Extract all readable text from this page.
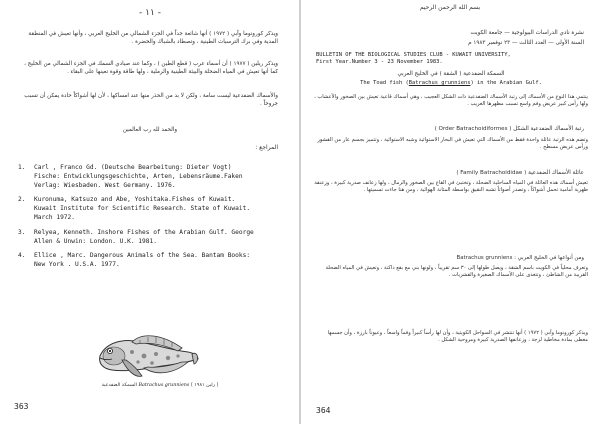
- ١١ -
ويذكر كورونوما وآبي ( ١٩٧٢ ) أنها شائعة جداً في الجزء الشمالي من الخليج العربي ، وأنها تعيش في المنطقة المدية وفي برك الترسبات الطينية ، وتصطاد بالشباك والحضرة .
ويذكر ريلين ( ١٩٧٧ ) أن أسماء عرب ( قطع الطين ) ، وكما عند صيادي السمك في الجزء الشمالي من الخليج ، كما أنها تعيش في المياه الضحلة والبيئة الطينية والرملية ، ولها طاقة وقوة تعينها على البقاء .
والأسماك الضفدعية ليست سامة ، ولكن لا بد من الحذر منها عند امساكها ، لأن لها أشواكاً حادة يمكن أن تسبب جروحاً .
والحمد لله رب العالمين
المراجع :
1. Carl , Franco Gd. (Deutsche Bearbeitung: Dieter Vogt)
Fische: Entwicklungsgeschichte, Arten, Lebensräume.Faken
Verlag: Wiesbaden. West Germany. 1976.
2. Kuronuma, Katsuzo and Abe, Yoshitaka.Fishes of Kuwait.
Kuwait Institute for Scientific Research. State of Kuwait.
March 1972.
3. Relyea, Kenneth. Inshore Fishes of the Arabian Gulf. George
Allen & Unwin: London. U.K. 1981.
4. Ellice , Marc. Dangerous Animals of the Sea. Bantam Books:
New York . U.S.A. 1977.
السمكة الضفدعية Batrachus grunniens ( رلين ١٩٨١ )
363
بسم الله الرحمن الرحيم
نشرة نادي الدراسات البيولوجية — جامعة الكويت
السنة الأولى — العدد الثالث — ٢٣ نوفمبر ١٩٨٣ م
BULLETIN OF THE BIOLOGICAL STUDIES CLUB - KUWAIT UNIVERSITY,
First Year.Number 3 - 23 November 1983.
السمكة الضفدعية ( الشقة ) في الخليج العربي
The Toad fish (Batrachus grunniens) in the Arabian Gulf.
ينتمي هذا النوع من الأسماك إلى رتبة الأسماك الضفدعية ذات الشكل العجيب ، وهي أسماك قاعية تعيش بين الصخور والأعشاب ، ولها رأس كبير عريض وفم واسع تسبب مظهرها الغريب .
رتبة الأسماك الضفدعية الشكل ( Order Batrachoidiformes )
وتضم هذه الرتبة عائلة واحدة فقط من الأسماك التي تعيش في البحار الاستوائية وشبه الاستوائية ، وتتميز بجسم عار من القشور ورأس عريض مسطح .
عائلة الأسماك الضفدعية ( Family Batrachoididae )
تعيش أسماك هذه العائلة في المياه الساحلية الضحلة ، وتختبئ في القاع بين الصخور والرمال ، ولها زعانف صدرية كبيرة ، وزعنفة ظهرية أمامية تحمل أشواكاً ، وتصدر أصواتاً تشبه النقيق بواسطة المثانة الهوائية ، ومن هنا جاءت تسميتها .
ومن أنواعها في الخليج العربي : Batrachus grunniens
وتعرف محلياً في الكويت باسم الشقة ، ويصل طولها إلى ٣٠ سم تقريباً ، ولونها بني مع بقع داكنة ، وتعيش في المياه الضحلة القريبة من الشاطئ ، وتتغذى على الأسماك الصغيرة والقشريات .
ويذكر كورونوما وآبي ( ١٩٧٢ ) أنها تنتشر في السواحل الكويتية ، وأن لها رأساً كبيراً وفماً واسعاً ، وعيوناً بارزة ، وأن جسمها مغطى بمادة مخاطية لزجة ، وزعانفها الصدرية كبيرة ومروحية الشكل .
364
